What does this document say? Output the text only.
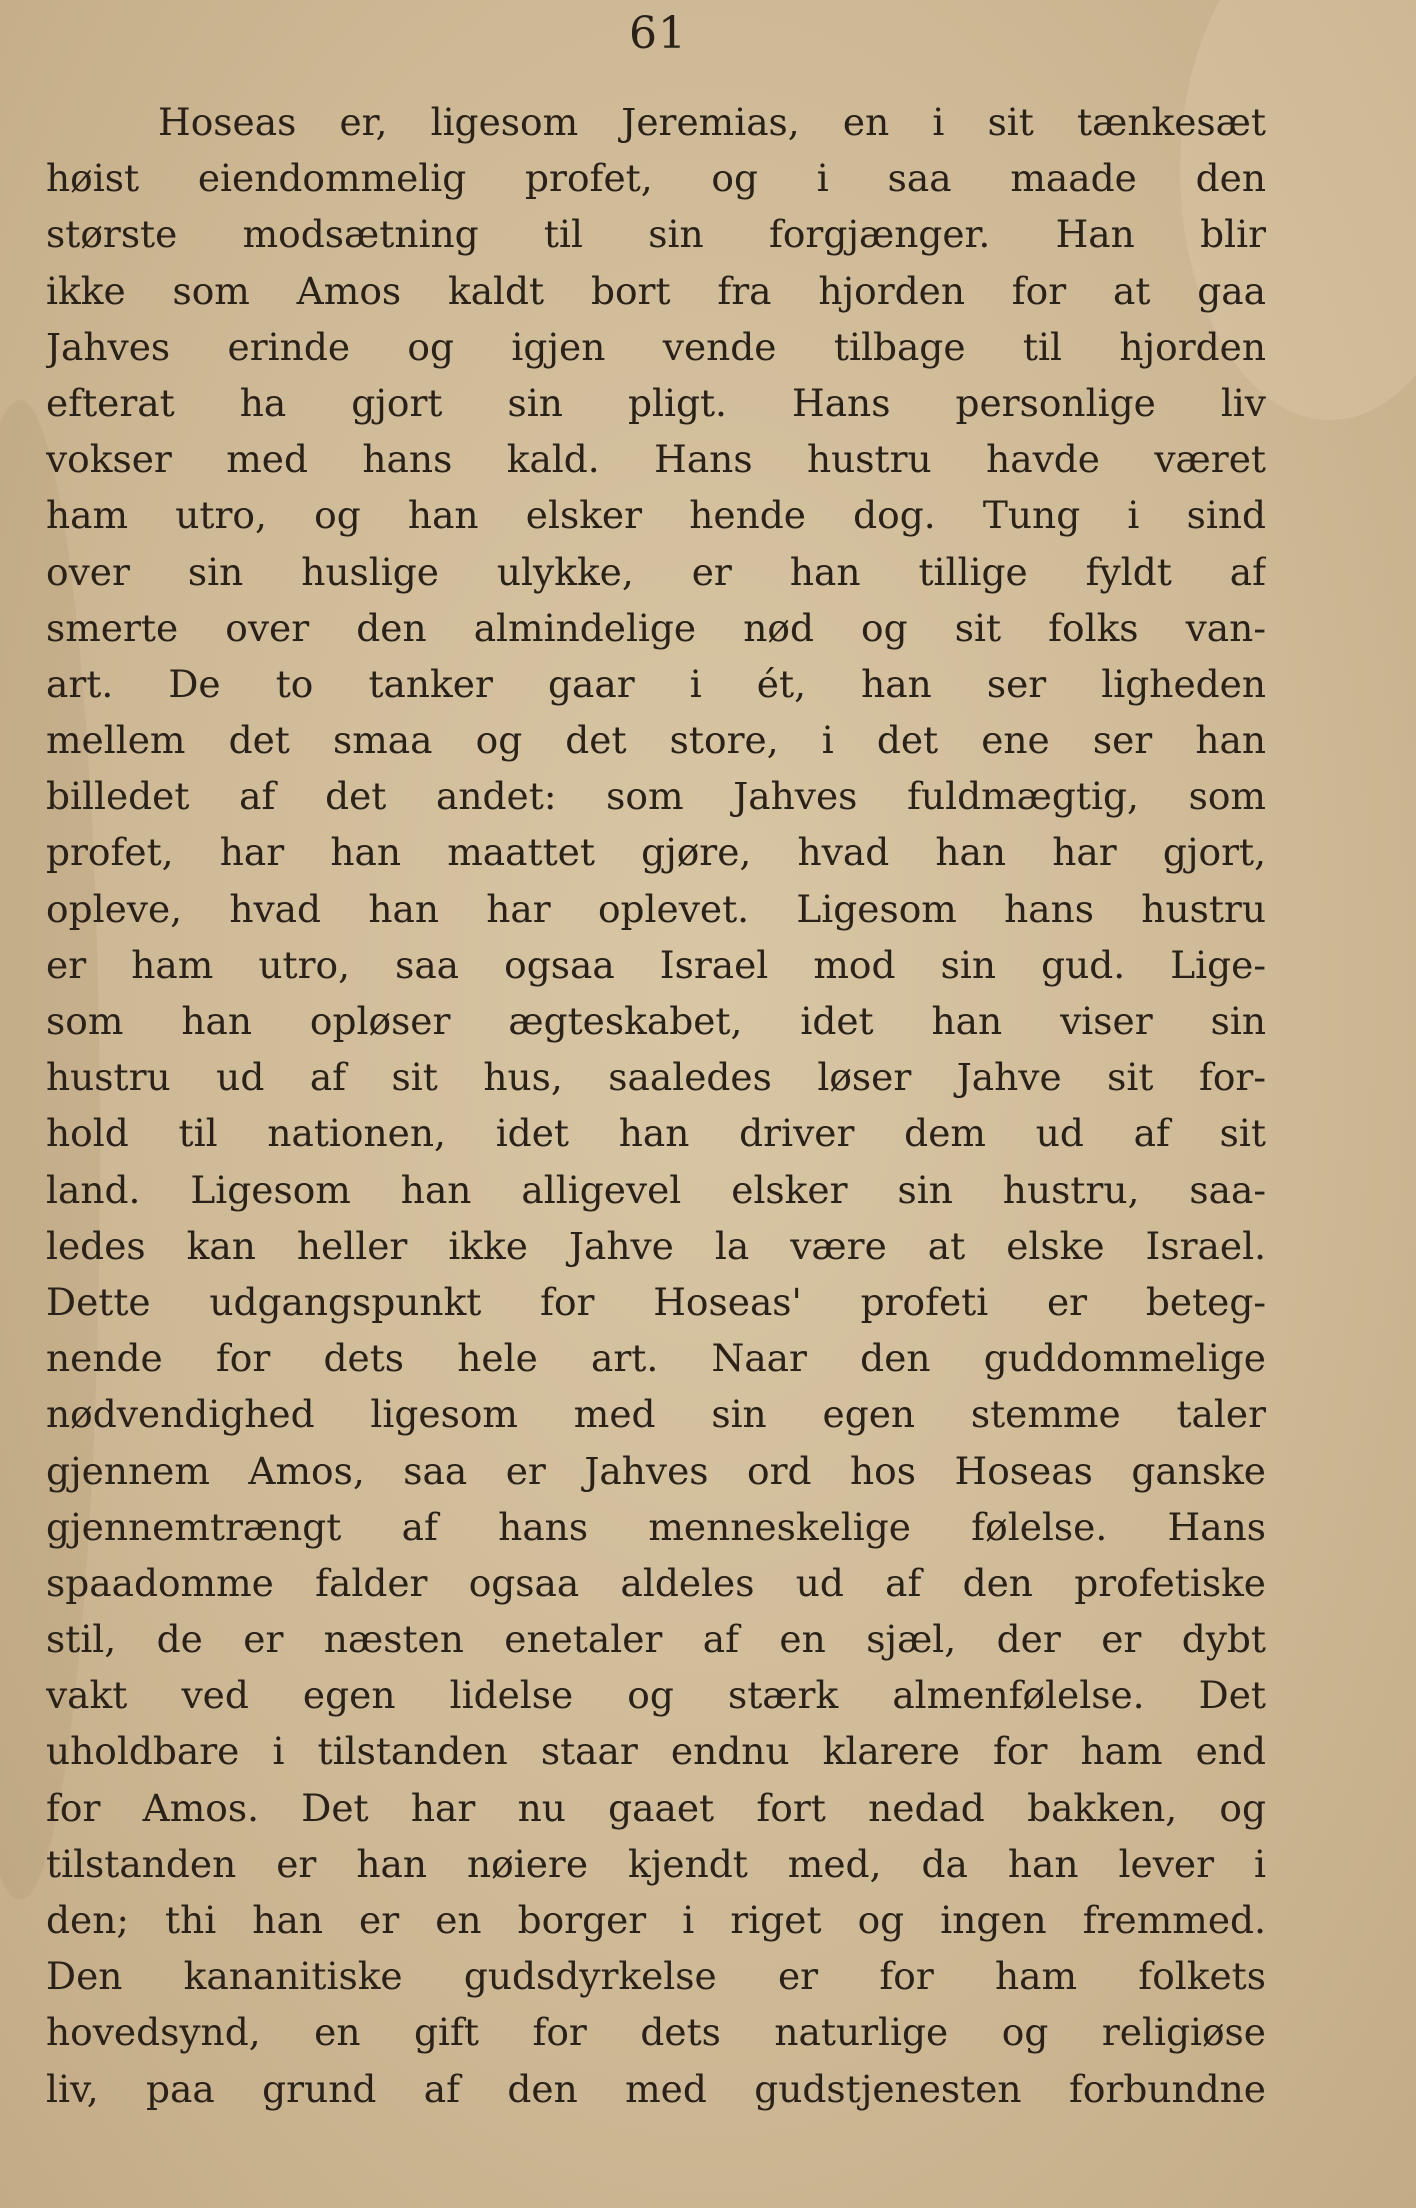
61
Hoseas er, ligesom Jeremias, en i sit tænkesæt
høist eiendommelig profet, og i saa maade den
største modsætning til sin forgjænger. Han blir
ikke som Amos kaldt bort fra hjorden for at gaa
Jahves erinde og igjen vende tilbage til hjorden
efterat ha gjort sin pligt. Hans personlige liv
vokser med hans kald. Hans hustru havde været
ham utro, og han elsker hende dog. Tung i sind
over sin huslige ulykke, er han tillige fyldt af
smerte over den almindelige nød og sit folks van-
art. De to tanker gaar i ét, han ser ligheden
mellem det smaa og det store, i det ene ser han
billedet af det andet: som Jahves fuldmægtig, som
profet, har han maattet gjøre, hvad han har gjort,
opleve, hvad han har oplevet. Ligesom hans hustru
er ham utro, saa ogsaa Israel mod sin gud. Lige-
som han opløser ægteskabet, idet han viser sin
hustru ud af sit hus, saaledes løser Jahve sit for-
hold til nationen, idet han driver dem ud af sit
land. Ligesom han alligevel elsker sin hustru, saa-
ledes kan heller ikke Jahve la være at elske Israel.
Dette udgangspunkt for Hoseas' profeti er beteg-
nende for dets hele art. Naar den guddommelige
nødvendighed ligesom med sin egen stemme taler
gjennem Amos, saa er Jahves ord hos Hoseas ganske
gjennemtrængt af hans menneskelige følelse. Hans
spaadomme falder ogsaa aldeles ud af den profetiske
stil, de er næsten enetaler af en sjæl, der er dybt
vakt ved egen lidelse og stærk almenfølelse. Det
uholdbare i tilstanden staar endnu klarere for ham end
for Amos. Det har nu gaaet fort nedad bakken, og
tilstanden er han nøiere kjendt med, da han lever i
den; thi han er en borger i riget og ingen fremmed.
Den kananitiske gudsdyrkelse er for ham folkets
hovedsynd, en gift for dets naturlige og religiøse
liv, paa grund af den med gudstjenesten forbundne
